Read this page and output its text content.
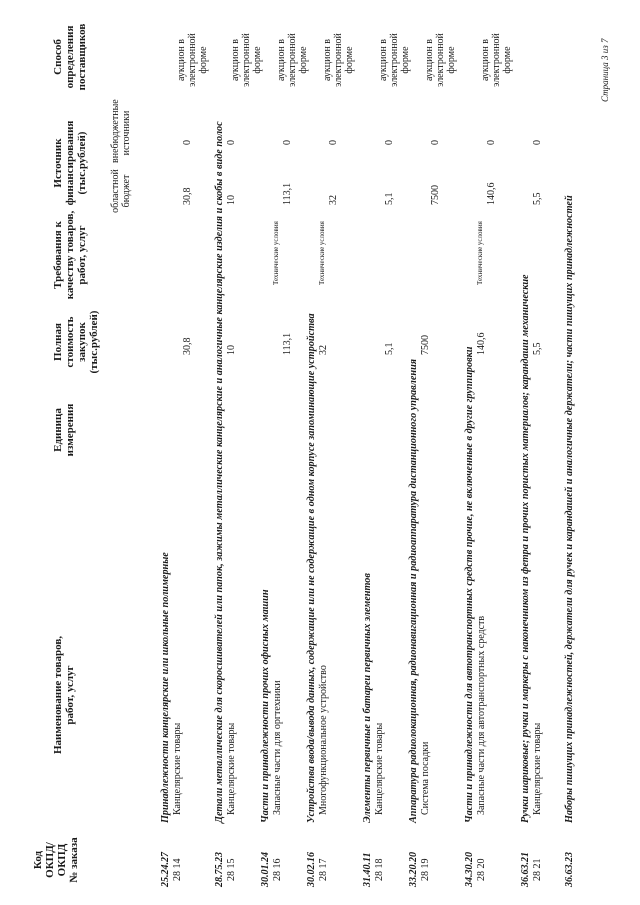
Код ОКПД/ ОКПД № заказа
Наименование товаров, работ, услуг
Единица измерения
Полная стоимость закупок (тыс.рублей)
Требования к качеству товаров, работ, услуг
Источник финансирования (тыс.рублей) областной бюджет
внебюджетные источники
Способ определения поставщиков
25.24.27 28 14
Принадлежности канцелярские или школьные полимерные Канцелярские товары
30,8
30,8
0
аукцион в электронной форме
28.75.23 28 15
Детали металлические для скоросшивателей или папок, зажимы металлические канцелярские и аналогичные канцелярские изделия и скобы в виде полос Канцелярские товары
10
10
0
аукцион в электронной форме
30.01.24 28 16
Части и принадлежности прочих офисных машин Запасные части для оргтехники
113,1
Технические условия
113,1
0
аукцион в электронной форме
30.02.16 28 17
Устройства ввода/вывода данных, содержащие или не содержащие в одном корпусе запоминающие устройства Многофункциональное устройство
32
Технические условия
32
0
аукцион в электронной форме
31.40.11 28 18
Элементы первичные и батареи первичных элементов Канцелярские товары
5,1
5,1
0
аукцион в электронной форме
33.20.20 28 19
Аппаратура радиолокационная, радионавигационная и радиоаппаратура дистанционного управления Система посадки
7500
7500
0
аукцион в электронной форме
34.30.20 28 20
Части и принадлежности для автотранспортных средств прочие, не включенные в другие группировки Запасные части для автотранспортных средств
140,6
Технические условия
140,6
0
аукцион в электронной форме
36.63.21 28 21
Ручки шариковые; ручки и маркеры с наконечником из фетра и прочих пористых материалов; карандаши механические Канцелярские товары
5,5
5,5
0
36.63.23
Наборы пишущих принадлежностей, держатели для ручек и карандашей и аналогичные держатели; части пишущих принадлежностей
Страница 3 из 7
